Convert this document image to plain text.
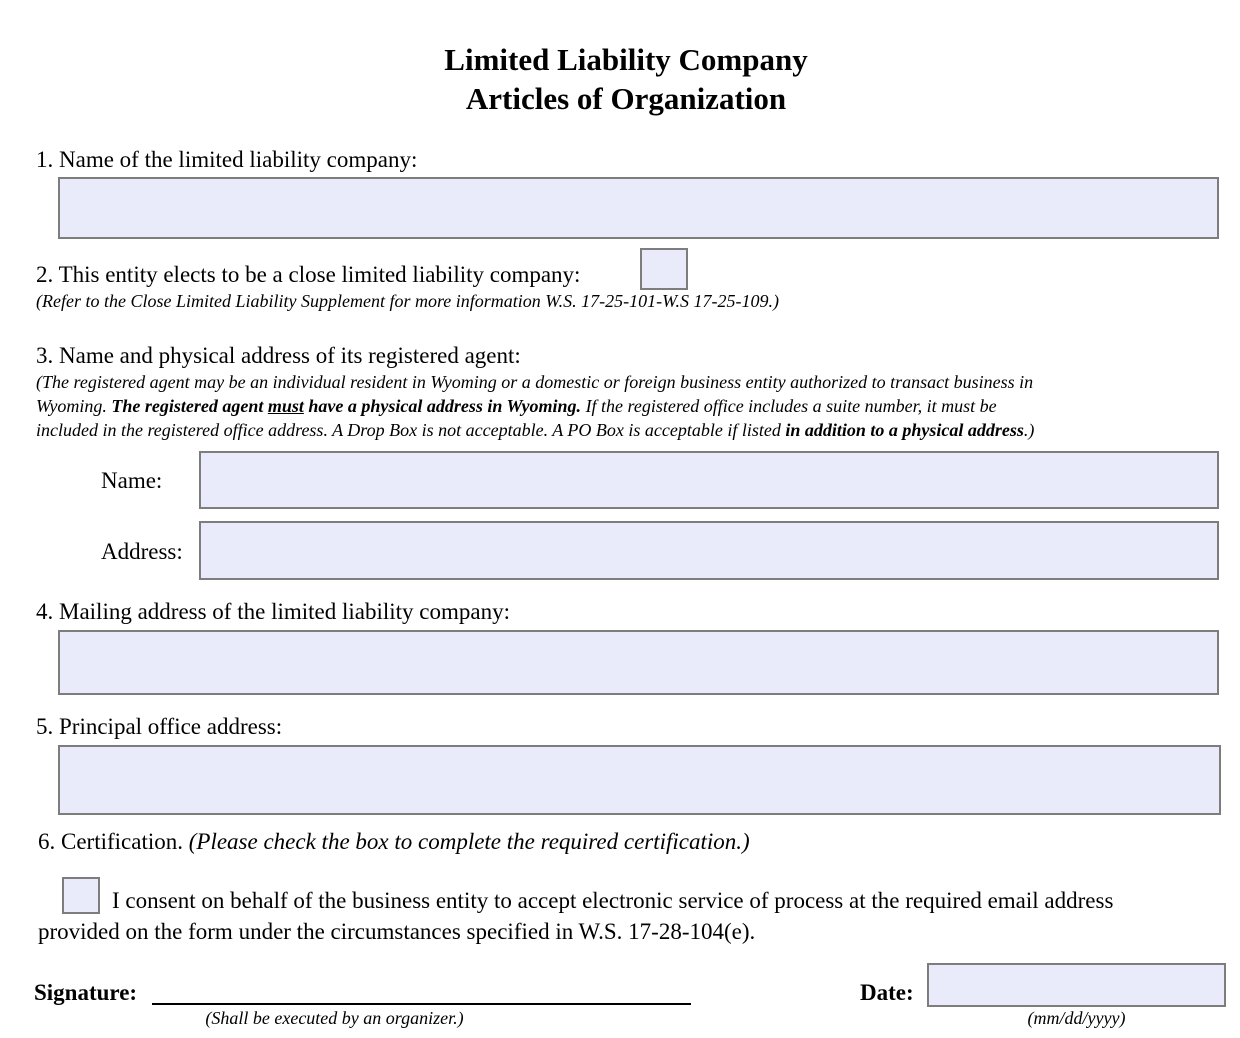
Limited Liability Company
Articles of Organization
1. Name of the limited liability company:
2. This entity elects to be a close limited liability company:
(Refer to the Close Limited Liability Supplement for more information W.S. 17-25-101-W.S 17-25-109.)
3. Name and physical address of its registered agent:
(The registered agent may be an individual resident in Wyoming or a domestic or foreign business entity authorized to transact business in
Wyoming. The registered agent must have a physical address in Wyoming. If the registered office includes a suite number, it must be
included in the registered office address. A Drop Box is not acceptable. A PO Box is acceptable if listed in addition to a physical address.)
Name:
Address:
4. Mailing address of the limited liability company:
5. Principal office address:
6. Certification. (Please check the box to complete the required certification.)
I consent on behalf of the business entity to accept electronic service of process at the required email address
provided on the form under the circumstances specified in W.S. 17-28-104(e).
Signature:
(Shall be executed by an organizer.)
Date:
(mm/dd/yyyy)
